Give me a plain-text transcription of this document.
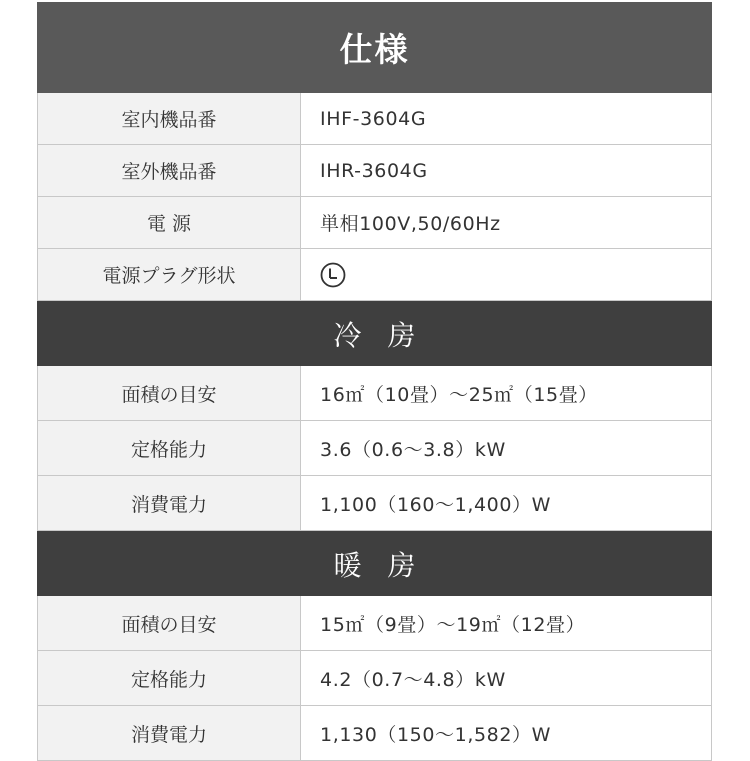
仕様
室内機品番	IHF-3604G
室外機品番	IHR-3604G
電 源	単相100V,50/60Hz
電源プラグ形状
冷房
面積の目安	16㎡（10畳）～25㎡（15畳）
定格能力	3.6（0.6～3.8）kW
消費電力	1,100（160～1,400）W
暖房
面積の目安	15㎡（9畳）～19㎡（12畳）
定格能力	4.2（0.7～4.8）kW
消費電力	1,130（150～1,582）W
